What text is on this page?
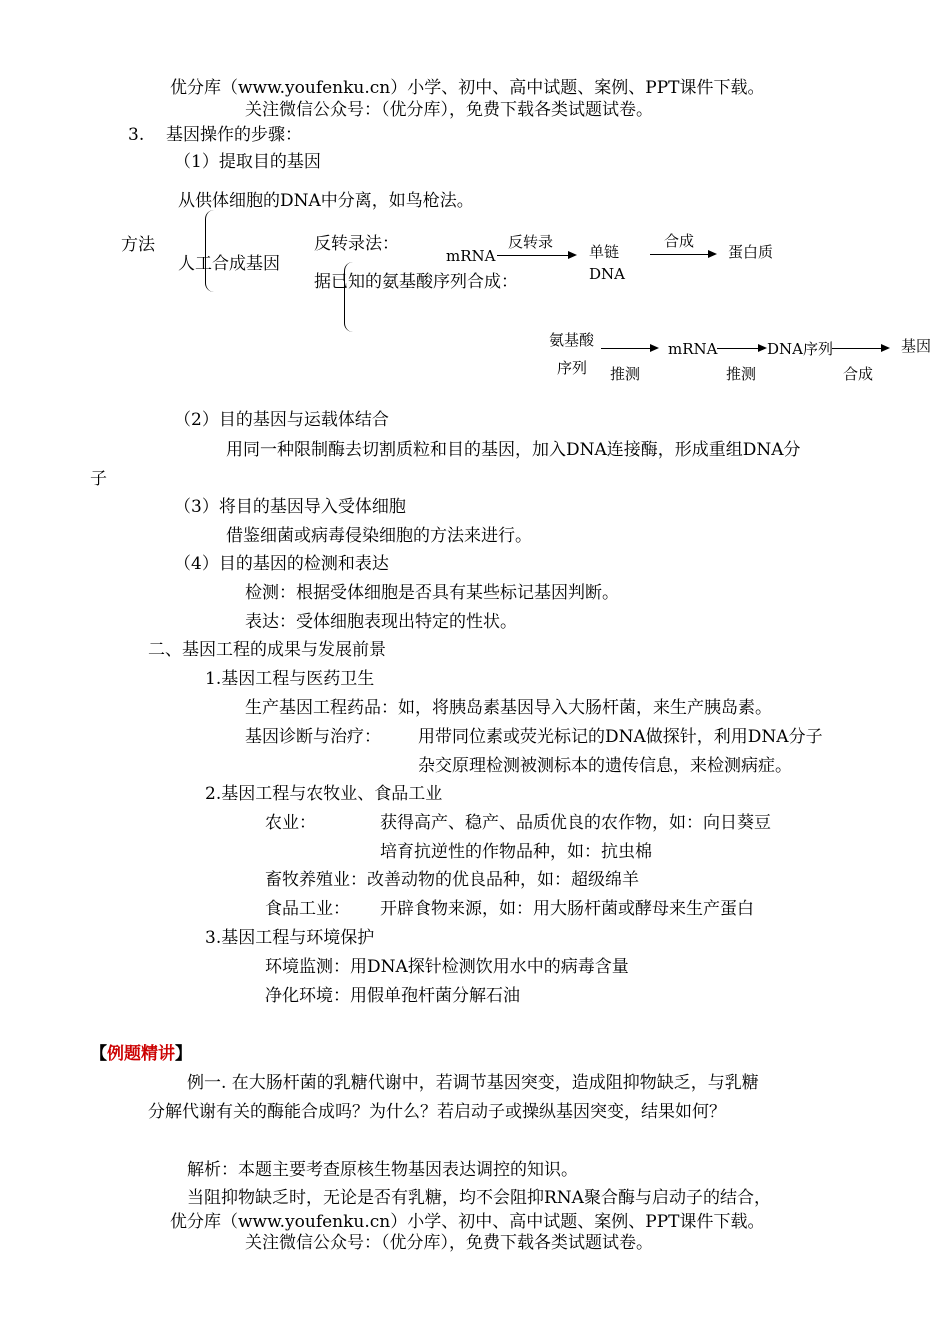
优分库（www.youfenku.cn）小学、初中、高中试题、案例、PPT课件下载。
关注微信公众号：（优分库），免费下载各类试题试卷。
3. 基因操作的步骤：
（1）提取目的基因
从供体细胞的DNA中分离，如鸟枪法。
方法
人工合成基因
反转录法：
据已知的氨基酸序列合成：
mRNA
反转录
单链
DNA
合成
蛋白质
氨基酸
序列 推测
mRNA
推测
DNA序列
合成
基因
（2）目的基因与运载体结合
用同一种限制酶去切割质粒和目的基因，加入DNA连接酶，形成重组DNA分
子
（3）将目的基因导入受体细胞
借鉴细菌或病毒侵染细胞的方法来进行。
（4）目的基因的检测和表达
检测：根据受体细胞是否具有某些标记基因判断。
表达：受体细胞表现出特定的性状。
二、基因工程的成果与发展前景
1.基因工程与医药卫生
生产基因工程药品：如，将胰岛素基因导入大肠杆菌，来生产胰岛素。
基因诊断与治疗： 用带同位素或荧光标记的DNA做探针，利用DNA分子
杂交原理检测被测标本的遗传信息，来检测病症。
2.基因工程与农牧业、食品工业
农业：	获得高产、稳产、品质优良的农作物，如：向日葵豆
培育抗逆性的作物品种，如：抗虫棉
畜牧养殖业：改善动物的优良品种，如：超级绵羊
食品工业： 开辟食物来源，如：用大肠杆菌或酵母来生产蛋白
3.基因工程与环境保护
环境监测：用DNA探针检测饮用水中的病毒含量
净化环境：用假单孢杆菌分解石油
【例题精讲】
例一. 在大肠杆菌的乳糖代谢中，若调节基因突变，造成阻抑物缺乏，与乳糖
分解代谢有关的酶能合成吗？为什么？若启动子或操纵基因突变，结果如何？
解析：本题主要考查原核生物基因表达调控的知识。
当阻抑物缺乏时，无论是否有乳糖，均不会阻抑RNA聚合酶与启动子的结合，
优分库（www.youfenku.cn）小学、初中、高中试题、案例、PPT课件下载。
关注微信公众号：（优分库），免费下载各类试题试卷。
